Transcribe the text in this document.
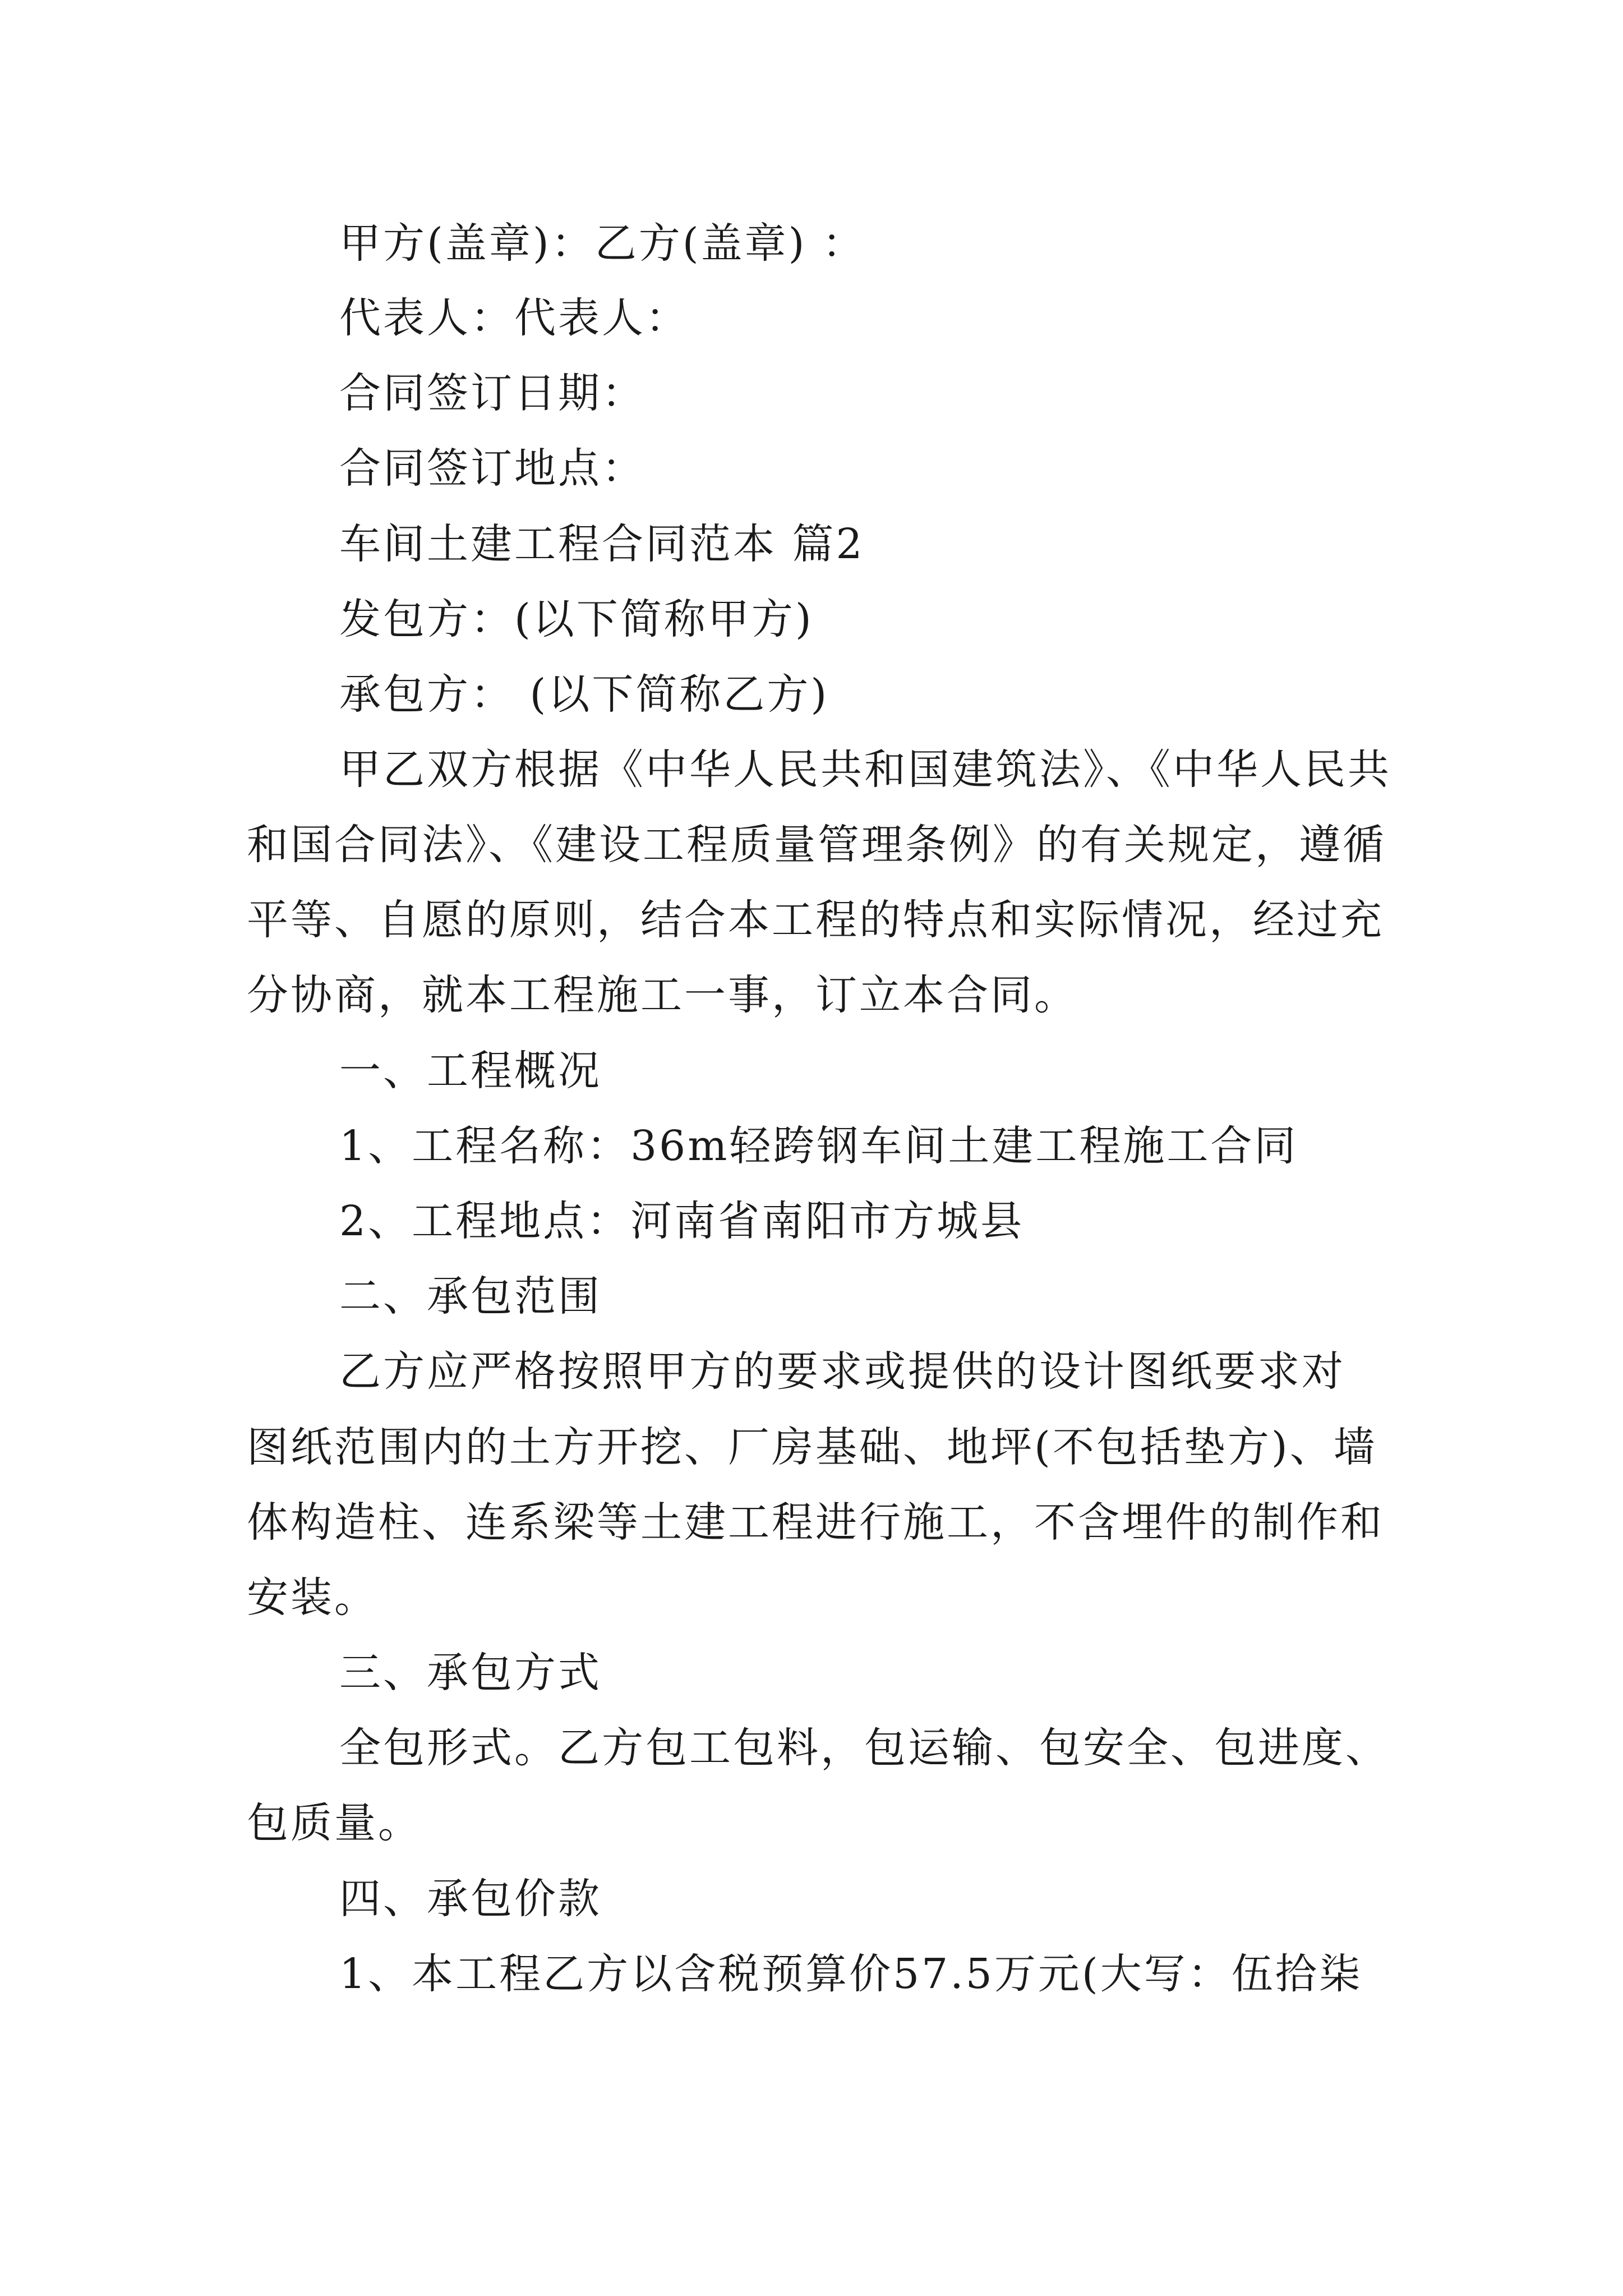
甲方(盖章)：乙方(盖章) ：
代表人：代表人：
合同签订日期：
合同签订地点：
车间土建工程合同范本 篇2
发包方：(以下简称甲方)
承包方： (以下简称乙方)
甲乙双方根据《中华人民共和国建筑法》、《中华人民共
和国合同法》、《建设工程质量管理条例》的有关规定，遵循
平等、自愿的原则，结合本工程的特点和实际情况，经过充
分协商，就本工程施工一事，订立本合同。
一、工程概况
1、工程名称：36m轻跨钢车间土建工程施工合同
2、工程地点：河南省南阳市方城县
二、承包范围
乙方应严格按照甲方的要求或提供的设计图纸要求对
图纸范围内的土方开挖、厂房基础、地坪(不包括垫方)、墙
体构造柱、连系梁等土建工程进行施工，不含埋件的制作和
安装。
三、承包方式
全包形式。乙方包工包料，包运输、包安全、包进度、
包质量。
四、承包价款
1、本工程乙方以含税预算价57.5万元(大写：伍拾柒
